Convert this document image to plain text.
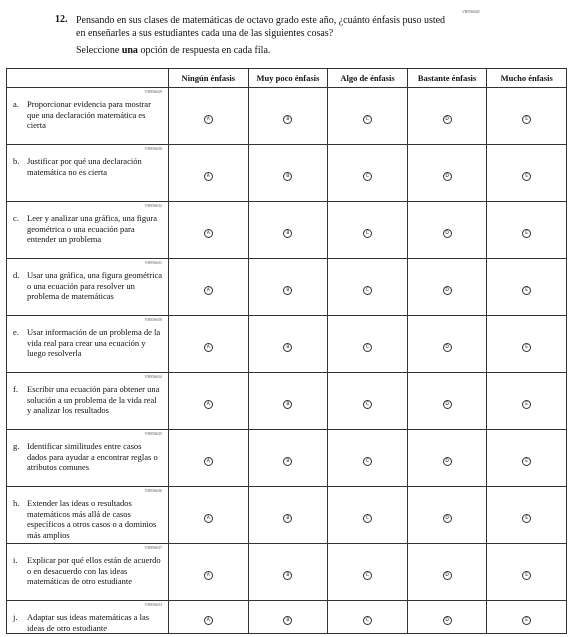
12.
VR956628
Pensando en sus clases de matemáticas de octavo grado este año, ¿cuánto énfasis puso usted en enseñarles a sus estudiantes cada una de las siguientes cosas?
Seleccione una opción de respuesta en cada fila.
	Ningún énfasis	Muy poco énfasis	Algo de énfasis	Bastante énfasis	Mucho énfasis

VR956629
a. Proporcionar evidencia para mostrar que una declaración matemática es cierta	A	B	C	D	E

VR956630
b. Justificar por qué una declaración matemática no es cierta	A	B	C	D	E

VR956632
c. Leer y analizar una gráfica, una figura geométrica o una ecuación para entender un problema	A	B	C	D	E

VR956631
d. Usar una gráfica, una figura geométrica o una ecuación para resolver un problema de matemáticas	A	B	C	D	E

VR956638
e. Usar información de un problema de la vida real para crear una ecuación y luego resolverla	A	B	C	D	E

VR956634
f. Escribir una ecuación para obtener una solución a un problema de la vida real y analizar los resultados	A	B	C	D	E

VR956635
g. Identificar similitudes entre casos dados para ayudar a encontrar reglas o atributos comunes	A	B	C	D	E

VR956636
h. Extender las ideas o resultados matemáticos más allá de casos específicos a otros casos o a dominios más amplios	A	B	C	D	E

VR956637
i. Explicar por qué ellos están de acuerdo o en desacuerdo con las ideas matemáticas de otro estudiante	A	B	C	D	E

VR956633
j. Adaptar sus ideas matemáticas a las ideas de otro estudiante	A	B	C	D	E
